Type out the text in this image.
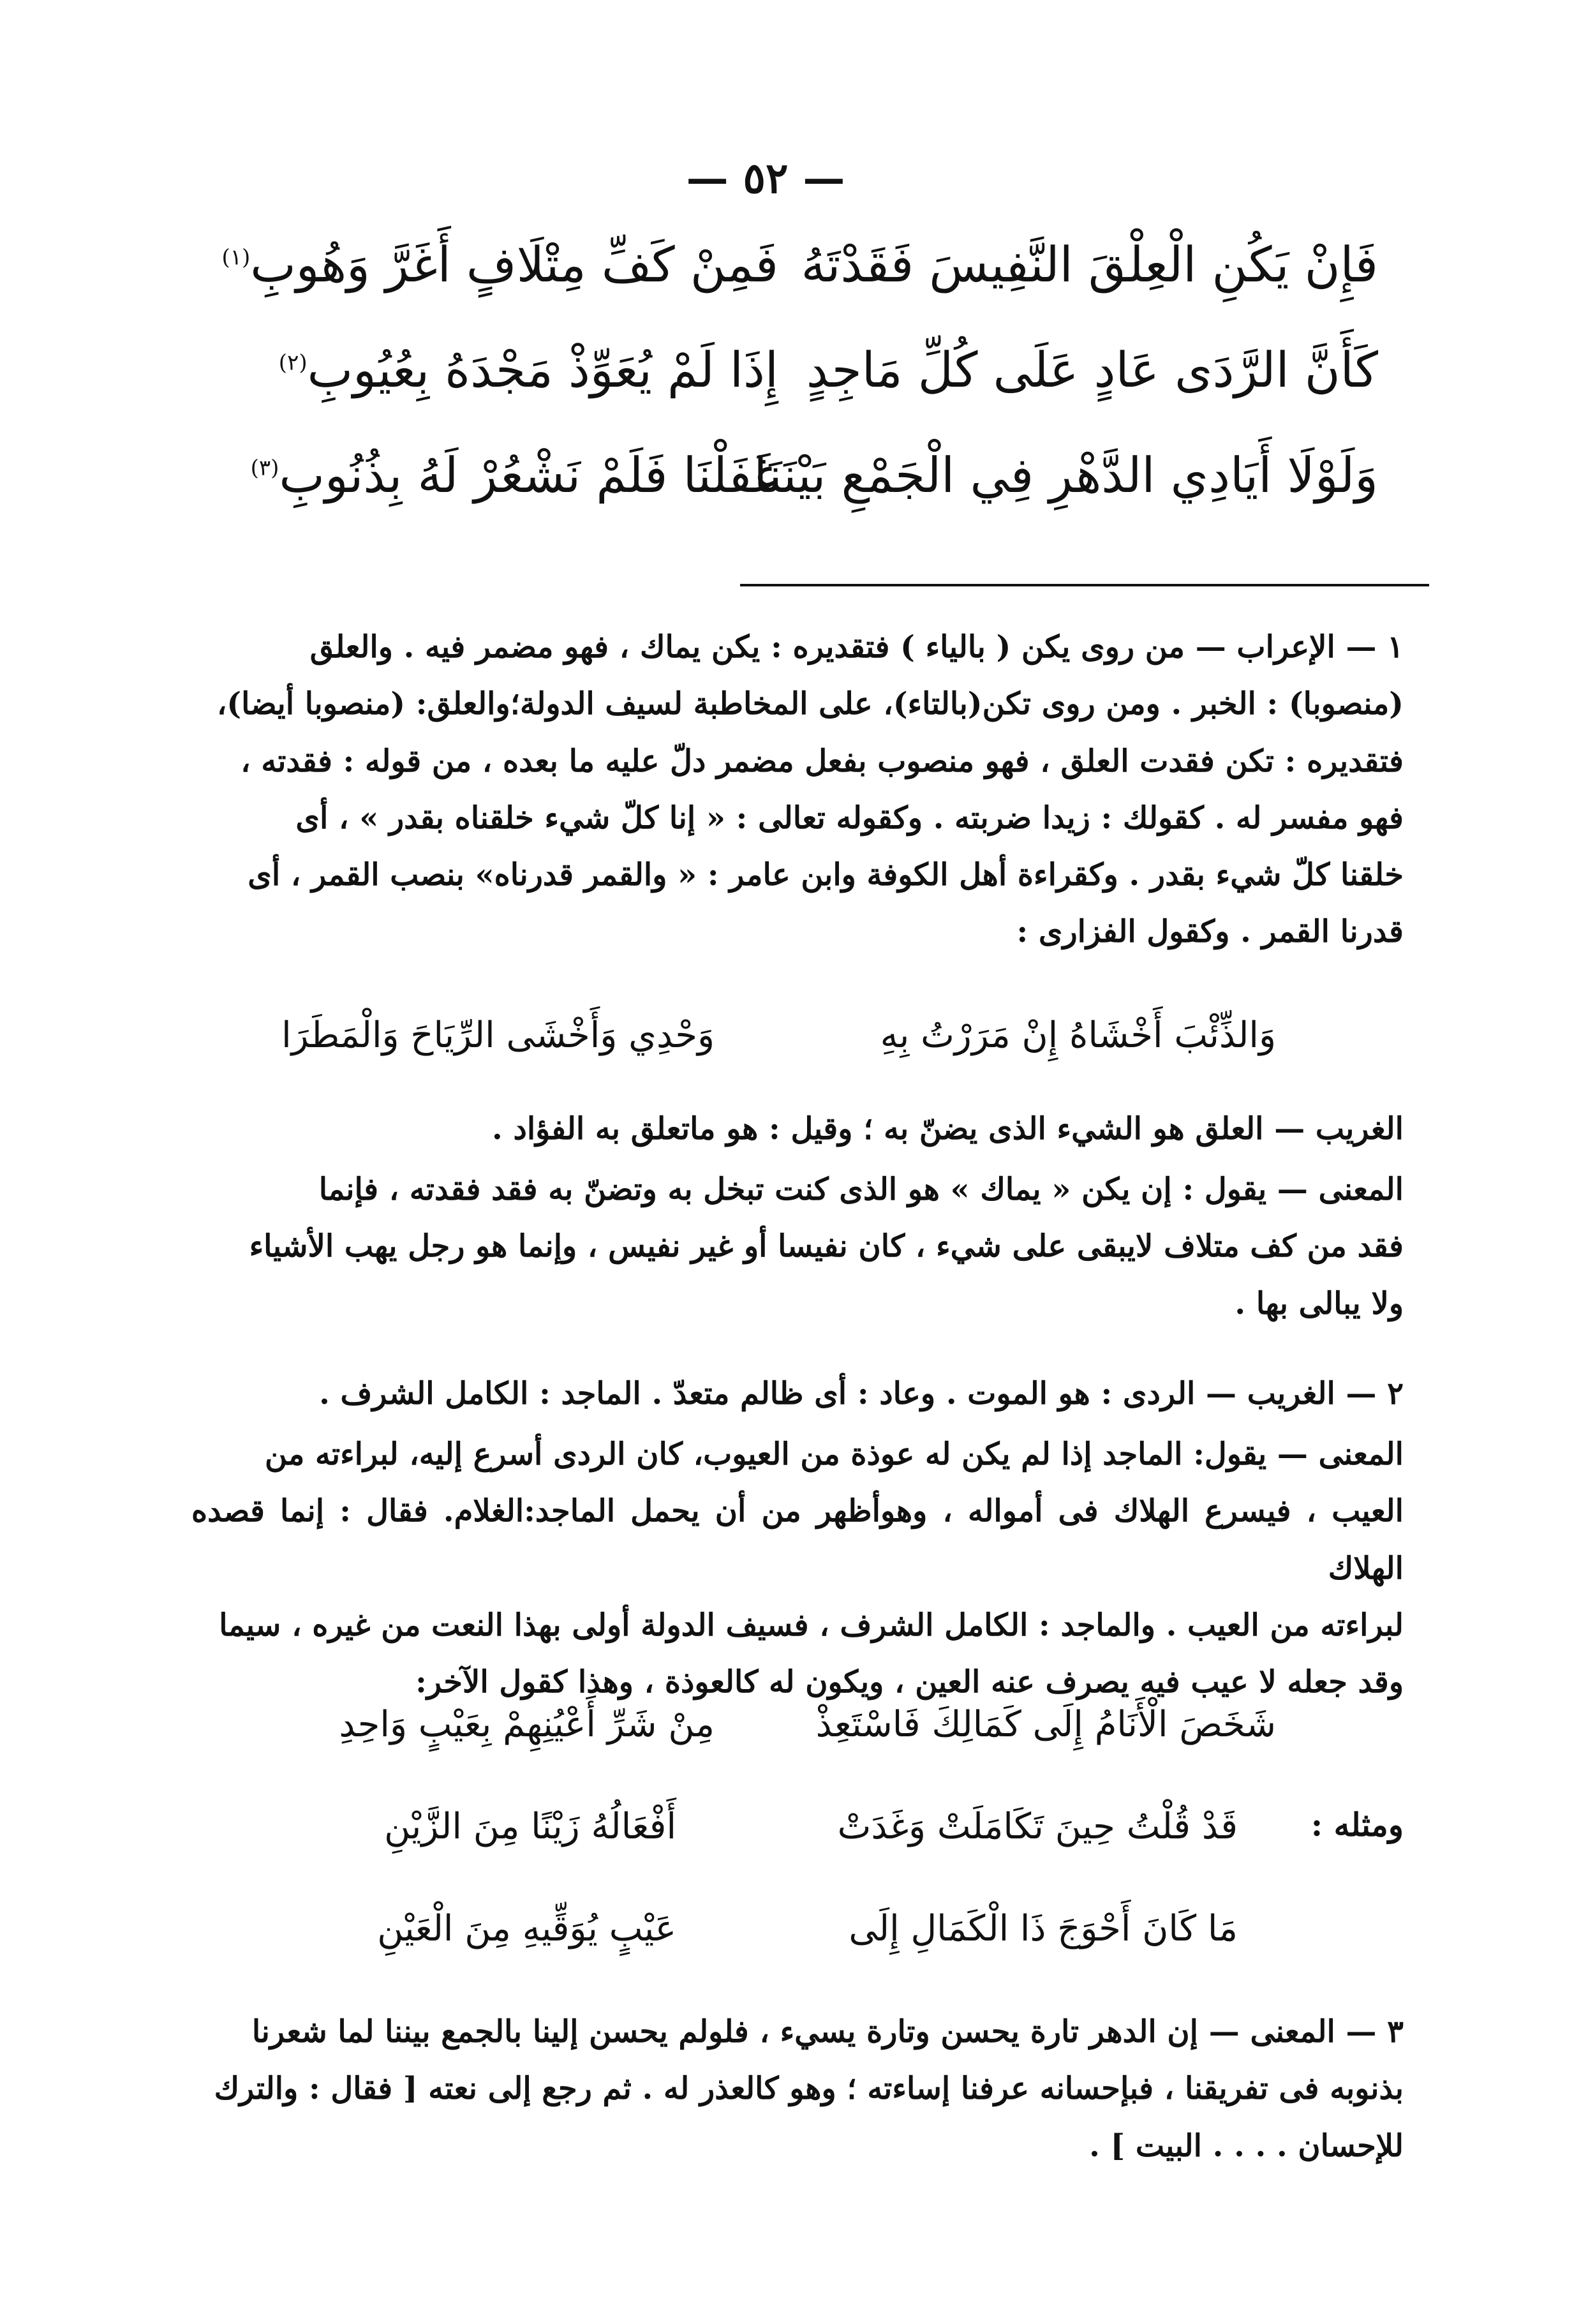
— ٥٢ —
فَإِنْ يَكُنِ الْعِلْقَ النَّفِيسَ فَقَدْتَهُ
فَمِنْ كَفِّ مِتْلَافٍ أَغَرَّ وَهُوبِ$^{(١)}$
كَأَنَّ الرَّدَى عَادٍ عَلَى كُلِّ مَاجِدٍ
إِذَا لَمْ يُعَوِّذْ مَجْدَهُ بِعُيُوبِ$^{(٢)}$
وَلَوْلَا أَيَادِي الدَّهْرِ فِي الْجَمْعِ بَيْنَنَا
غَفَلْنَا فَلَمْ نَشْعُرْ لَهُ بِذُنُوبِ$^{(٣)}$

١ — الإعراب — من روى يكن ( بالياء ) فتقديره : يكن يماك ، فهو مضمر فيه . والعلق

(منصوبا) : الخبر . ومن روى تكن(بالتاء)، على المخاطبة لسيف الدولة؛والعلق: (منصوبا أيضا)،

فتقديره : تكن فقدت العلق ، فهو منصوب بفعل مضمر دلّ عليه ما بعده ، من قوله : فقدته ،

فهو مفسر له . كقولك : زيدا ضربته . وكقوله تعالى : « إنا كلّ شيء خلقناه بقدر » ، أى

خلقنا كلّ شيء بقدر . وكقراءة أهل الكوفة وابن عامر : « والقمر قدرناه» بنصب القمر ، أى

قدرنا القمر . وكقول الفزارى :

وَالذِّئْبَ أَخْشَاهُ إِنْ مَرَرْتُ بِهِ
وَحْدِي وَأَخْشَى الرِّيَاحَ وَالْمَطَرَا

الغريب — العلق هو الشيء الذى يضنّ به ؛ وقيل : هو ماتعلق به الفؤاد .

المعنى — يقول : إن يكن « يماك » هو الذى كنت تبخل به وتضنّ به فقد فقدته ، فإنما

فقد من كف متلاف لايبقى على شيء ، كان نفيسا أو غير نفيس ، وإنما هو رجل يهب الأشياء

ولا يبالى بها .

٢ — الغريب — الردى : هو الموت . وعاد : أى ظالم متعدّ . الماجد : الكامل الشرف .

المعنى — يقول: الماجد إذا لم يكن له عوذة من العيوب، كان الردى أسرع إليه، لبراءته من

العيب ، فيسرع الهلاك فى أمواله ، وهوأظهر من أن يحمل الماجد:الغلام. فقال : إنما قصده الهلاك

لبراءته من العيب . والماجد : الكامل الشرف ، فسيف الدولة أولى بهذا النعت من غيره ، سيما

وقد جعله لا عيب فيه يصرف عنه العين ، ويكون له كالعوذة ، وهذا كقول الآخر:

شَخَصَ الْأَنَامُ إِلَى كَمَالِكَ فَاسْتَعِذْ
مِنْ شَرِّ أَعْيُنِهِمْ بِعَيْبٍ وَاحِدِ
ومثله :
قَدْ قُلْتُ حِينَ تَكَامَلَتْ وَغَدَتْ
أَفْعَالُهُ زَيْنًا مِنَ الزَّيْنِ
مَا كَانَ أَحْوَجَ ذَا الْكَمَالِ إِلَى
عَيْبٍ يُوَقِّيهِ مِنَ الْعَيْنِ

٣ — المعنى — إن الدهر تارة يحسن وتارة يسيء ، فلولم يحسن إلينا بالجمع بيننا لما شعرنا

بذنوبه فى تفريقنا ، فبإحسانه عرفنا إساءته ؛ وهو كالعذر له . ثم رجع إلى نعته [ فقال : والترك

للإحسان . . . . البيت ] .
